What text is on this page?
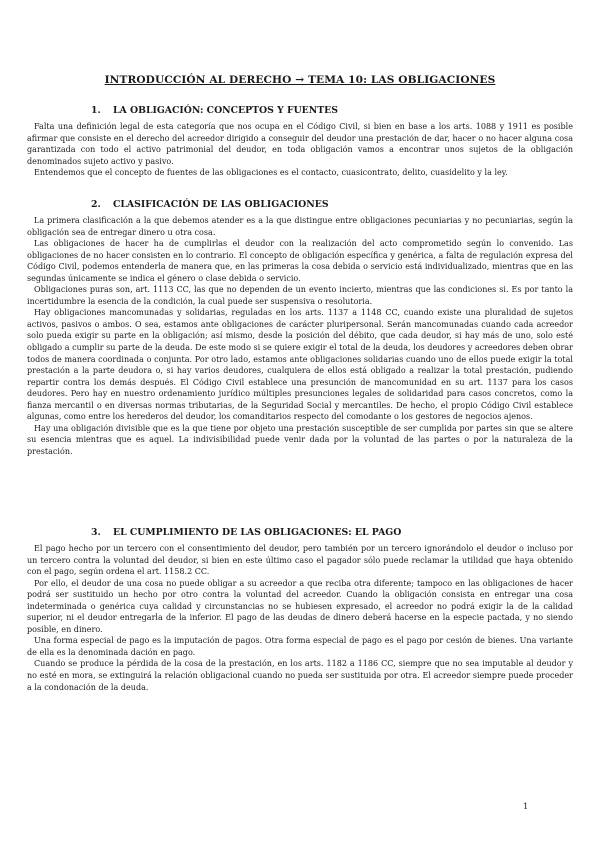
INTRODUCCIÓN AL DERECHO → TEMA 10: LAS OBLIGACIONES
1. LA OBLIGACIÓN: CONCEPTOS Y FUENTES

Falta una definición legal de esta categoría que nos ocupa en el Código Civil, si bien en base a los arts. 1088 y 1911 es posible afirmar que consiste en el derecho del acreedor dirigido a conseguir del deudor una prestación de dar, hacer o no hacer alguna cosa garantizada con todo el activo patrimonial del deudor, en toda obligación vamos a encontrar unos sujetos de la obligación denominados sujeto activo y pasivo.

Entendemos que el concepto de fuentes de las obligaciones es el contacto, cuasicontrato, delito, cuasidelito y la ley.

2. CLASIFICACIÓN DE LAS OBLIGACIONES

La primera clasificación a la que debemos atender es a la que distingue entre obligaciones pecuniarias y no pecuniarias, según la obligación sea de entregar dinero u otra cosa.

Las obligaciones de hacer ha de cumplirlas el deudor con la realización del acto comprometido según lo convenido. Las obligaciones de no hacer consisten en lo contrario. El concepto de obligación específica y genérica, a falta de regulación expresa del Código Civil, podemos entenderla de manera que, en las primeras la cosa debida o servicio está individualizado, mientras que en las segundas únicamente se indica el género o clase debida o servicio.

Obligaciones puras son, art. 1113 CC, las que no dependen de un evento incierto, mientras que las condiciones si. Es por tanto la incertidumbre la esencia de la condición, la cual puede ser suspensiva o resolutoria.

Hay obligaciones mancomunadas y solidarias, reguladas en los arts. 1137 a 1148 CC, cuando existe una pluralidad de sujetos activos, pasivos o ambos. O sea, estamos ante obligaciones de carácter pluripersonal. Serán mancomunadas cuando cada acreedor solo pueda exigir su parte en la obligación; así mismo, desde la posición del débito, que cada deudor, si hay más de uno, solo esté obligado a cumplir su parte de la deuda. De este modo si se quiere exigir el total de la deuda, los deudores y acreedores deben obrar todos de manera coordinada o conjunta. Por otro lado, estamos ante obligaciones solidarias cuando uno de ellos puede exigir la total prestación a la parte deudora o, si hay varios deudores, cualquiera de ellos está obligado a realizar la total prestación, pudiendo repartir contra los demás después. El Código Civil establece una presunción de mancomunidad en su art. 1137 para los casos deudores. Pero hay en nuestro ordenamiento jurídico múltiples presunciones legales de solidaridad para casos concretos, como la fianza mercantil o en diversas normas tributarias, de la Seguridad Social y mercantiles. De hecho, el propio Código Civil establece algunas, como entre los herederos del deudor, los comanditarios respecto del comodante o los gestores de negocios ajenos.

Hay una obligación divisible que es la que tiene por objeto una prestación susceptible de ser cumplida por partes sin que se altere su esencia mientras que es aquel. La indivisibilidad puede venir dada por la voluntad de las partes o por la naturaleza de la prestación.

3. EL CUMPLIMIENTO DE LAS OBLIGACIONES: EL PAGO

El pago hecho por un tercero con el consentimiento del deudor, pero también por un tercero ignorándolo el deudor o incluso por un tercero contra la voluntad del deudor, si bien en este último caso el pagador sólo puede reclamar la utilidad que haya obtenido con el pago, según ordena el art. 1158.2 CC.

Por ello, el deudor de una cosa no puede obligar a su acreedor a que reciba otra diferente; tampoco en las obligaciones de hacer podrá ser sustituido un hecho por otro contra la voluntad del acreedor. Cuando la obligación consista en entregar una cosa indeterminada o genérica cuya calidad y circunstancias no se hubiesen expresado, el acreedor no podrá exigir la de la calidad superior, ni el deudor entregarla de la inferior. El pago de las deudas de dinero deberá hacerse en la especie pactada, y no siendo posible, en dinero.

Una forma especial de pago es la imputación de pagos. Otra forma especial de pago es el pago por cesión de bienes. Una variante de ella es la denominada dación en pago.

Cuando se produce la pérdida de la cosa de la prestación, en los arts. 1182 a 1186 CC, siempre que no sea imputable al deudor y no esté en mora, se extinguirá la relación obligacional cuando no pueda ser sustituida por otra. El acreedor siempre puede proceder a la condonación de la deuda.

1
